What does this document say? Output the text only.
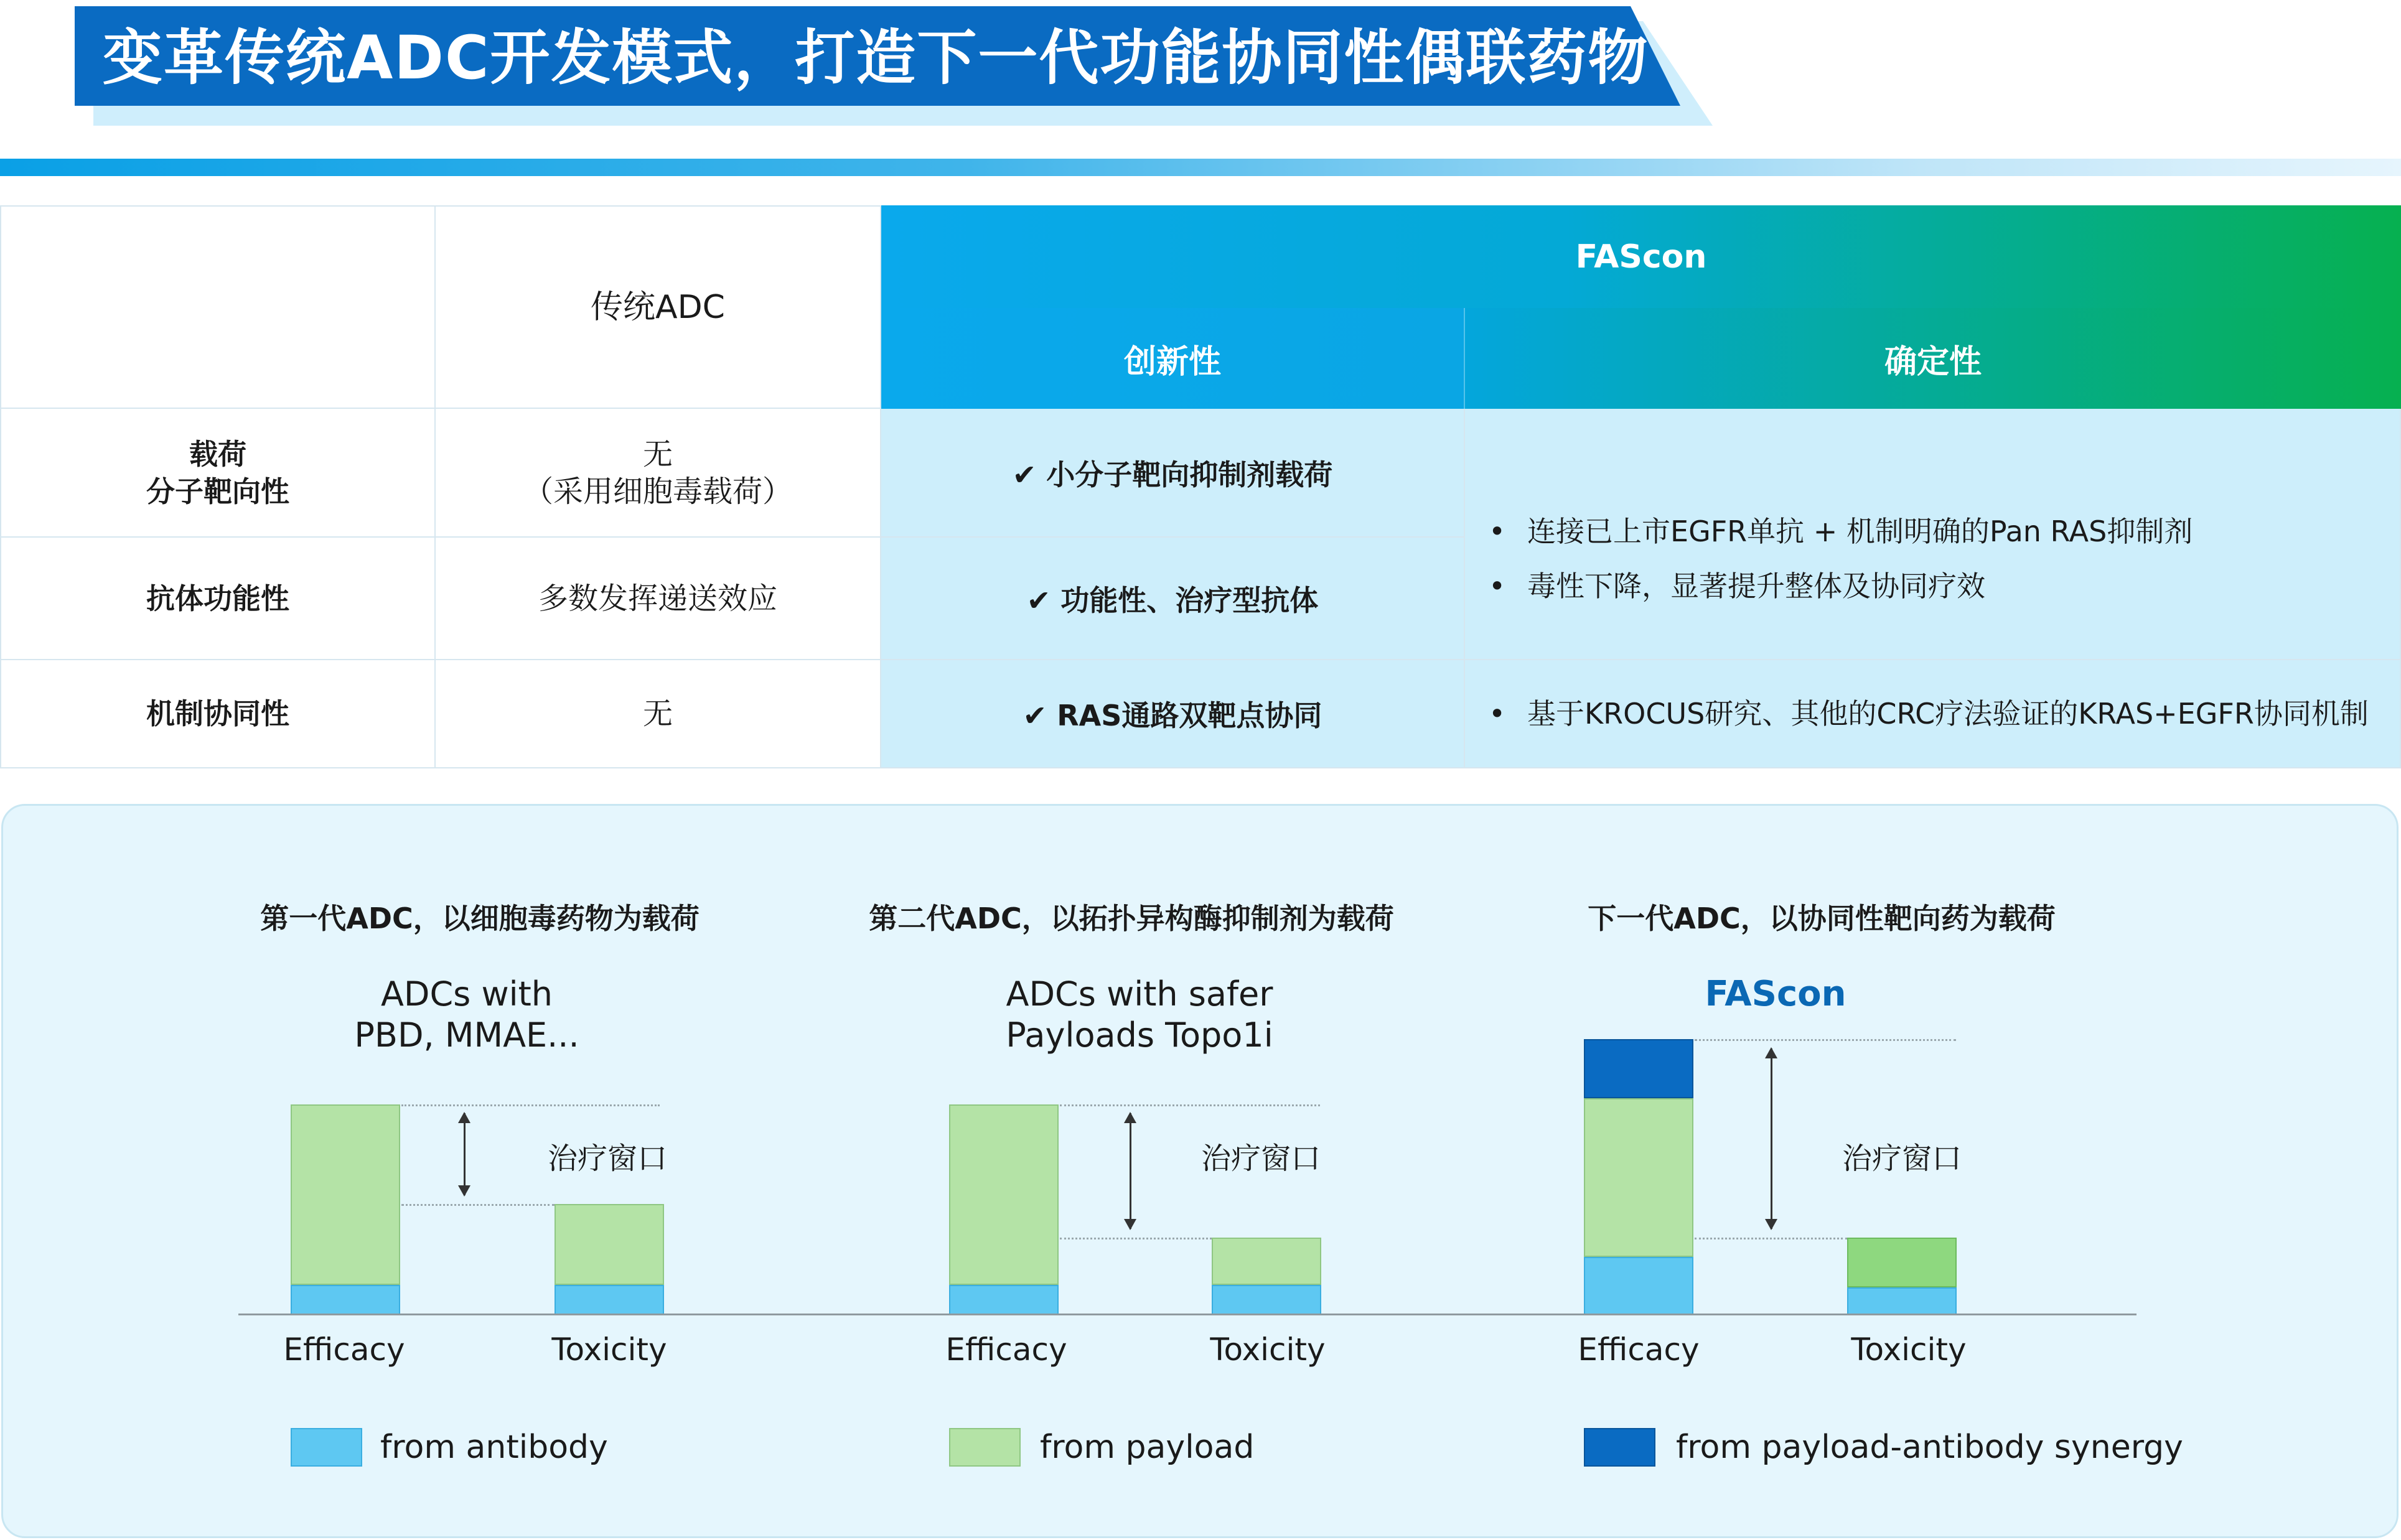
变革传统ADC开发模式，打造下一代功能协同性偶联药物
传统ADC
FAScon
创新性	确定性
载荷
分子靶向性
无
（采用细胞毒载荷）	✔ 小分子靶向抑制剂载荷
抗体功能性	多数发挥递送效应	✔ 功能性、治疗型抗体
• 连接已上市EGFR单抗 + 机制明确的Pan RAS抑制剂
• 毒性下降，显著提升整体及协同疗效
机制协同性	无	✔ RAS通路双靶点协同
•	基于KROCUS研究、其他的CRC疗法验证的KRAS+EGFR协同机制
第一代ADC，以细胞毒药物为载荷	第二代ADC，以拓扑异构酶抑制剂为载荷	下一代ADC，以协同性靶向药为载荷
ADCs with
PBD, MMAE...
ADCs with safer
Payloads Topo1i
FAScon
治疗窗口	治疗窗口	治疗窗口
Efficacy	Toxicity	Efficacy	Toxicity	Efficacy	Toxicity
from antibody	from payload	from payload-antibody synergy
